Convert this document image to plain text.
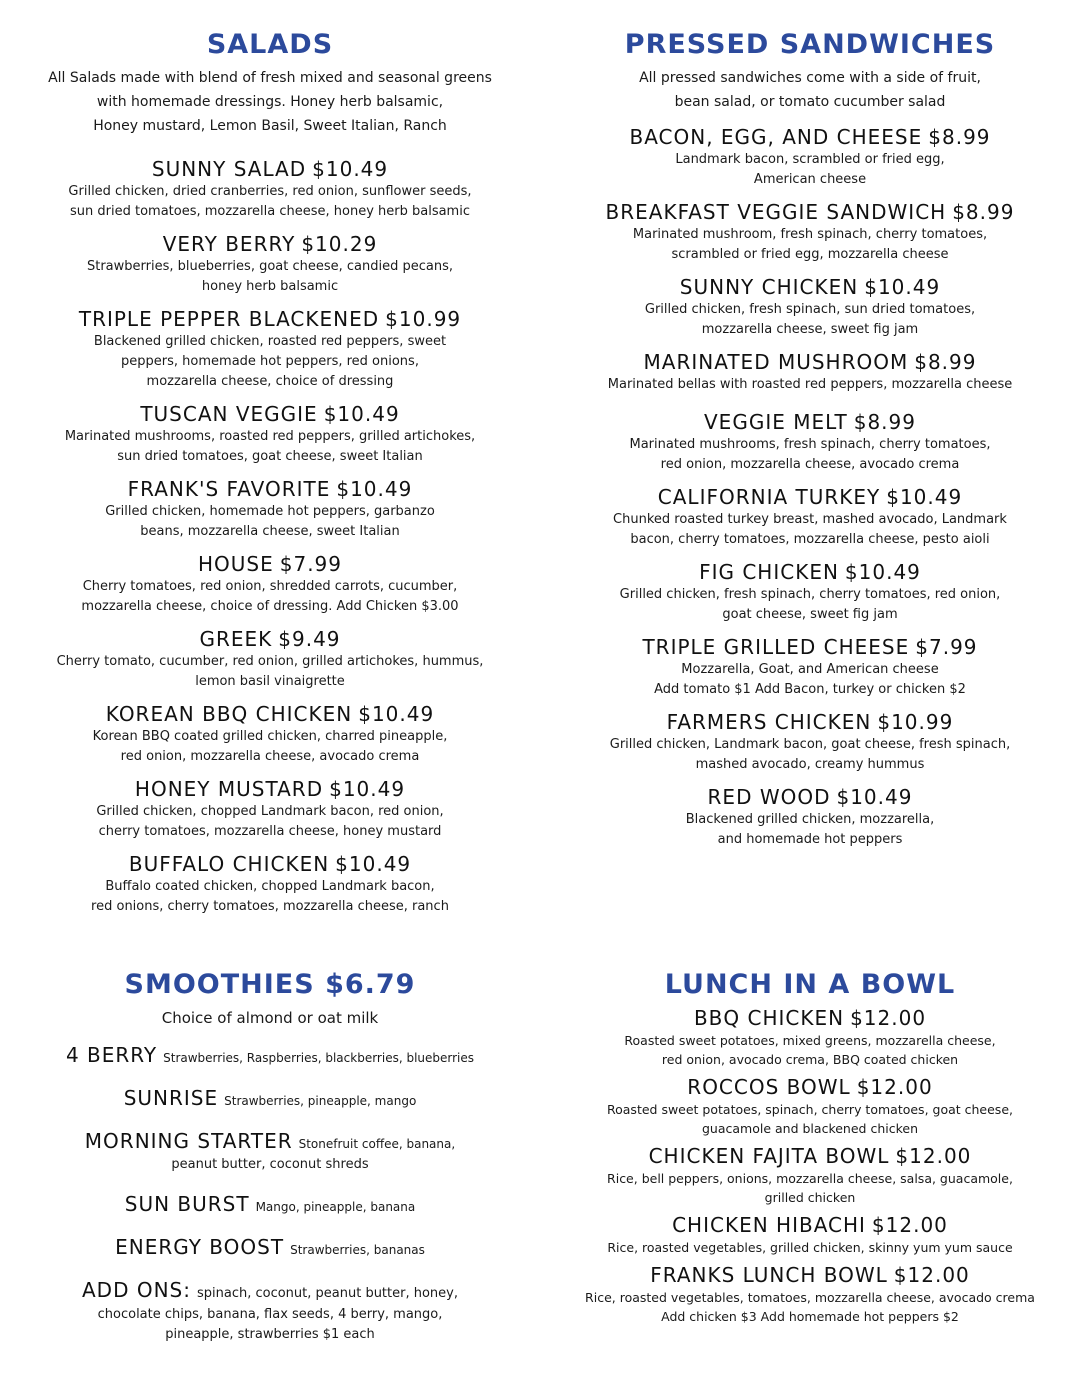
SALADS
All Salads made with blend of fresh mixed and seasonal greens
with homemade dressings. Honey herb balsamic,
Honey mustard, Lemon Basil, Sweet Italian, Ranch
SUNNY SALAD $10.49
Grilled chicken, dried cranberries, red onion, sunflower seeds,
sun dried tomatoes, mozzarella cheese, honey herb balsamic
VERY BERRY $10.29
Strawberries, blueberries, goat cheese, candied pecans,
honey herb balsamic
TRIPLE PEPPER BLACKENED $10.99
Blackened grilled chicken, roasted red peppers, sweet
peppers, homemade hot peppers, red onions,
mozzarella cheese, choice of dressing
TUSCAN VEGGIE $10.49
Marinated mushrooms, roasted red peppers, grilled artichokes,
sun dried tomatoes, goat cheese, sweet Italian
FRANK'S FAVORITE $10.49
Grilled chicken, homemade hot peppers, garbanzo
beans, mozzarella cheese, sweet Italian
HOUSE $7.99
Cherry tomatoes, red onion, shredded carrots, cucumber,
mozzarella cheese, choice of dressing. Add Chicken $3.00
GREEK $9.49
Cherry tomato, cucumber, red onion, grilled artichokes, hummus,
lemon basil vinaigrette
KOREAN BBQ CHICKEN $10.49
Korean BBQ coated grilled chicken, charred pineapple,
red onion, mozzarella cheese, avocado crema
HONEY MUSTARD $10.49
Grilled chicken, chopped Landmark bacon, red onion,
cherry tomatoes, mozzarella cheese, honey mustard
BUFFALO CHICKEN $10.49
Buffalo coated chicken, chopped Landmark bacon,
red onions, cherry tomatoes, mozzarella cheese, ranch
PRESSED SANDWICHES
All pressed sandwiches come with a side of fruit,
bean salad, or tomato cucumber salad
BACON, EGG, AND CHEESE $8.99
Landmark bacon, scrambled or fried egg,
American cheese
BREAKFAST VEGGIE SANDWICH $8.99
Marinated mushroom, fresh spinach, cherry tomatoes,
scrambled or fried egg, mozzarella cheese
SUNNY CHICKEN $10.49
Grilled chicken, fresh spinach, sun dried tomatoes,
mozzarella cheese, sweet fig jam
MARINATED MUSHROOM $8.99
Marinated bellas with roasted red peppers, mozzarella cheese
VEGGIE MELT $8.99
Marinated mushrooms, fresh spinach, cherry tomatoes,
red onion, mozzarella cheese, avocado crema
CALIFORNIA TURKEY $10.49
Chunked roasted turkey breast, mashed avocado, Landmark
bacon, cherry tomatoes, mozzarella cheese, pesto aioli
FIG CHICKEN $10.49
Grilled chicken, fresh spinach, cherry tomatoes, red onion,
goat cheese, sweet fig jam
TRIPLE GRILLED CHEESE $7.99
Mozzarella, Goat, and American cheese
Add tomato $1 Add Bacon, turkey or chicken $2
FARMERS CHICKEN $10.99
Grilled chicken, Landmark bacon, goat cheese, fresh spinach,
mashed avocado, creamy hummus
RED WOOD $10.49
Blackened grilled chicken, mozzarella,
and homemade hot peppers
SMOOTHIES $6.79
Choice of almond or oat milk
4 BERRY Strawberries, Raspberries, blackberries, blueberries
SUNRISE Strawberries, pineapple, mango
MORNING STARTER Stonefruit coffee, banana,
peanut butter, coconut shreds
SUN BURST Mango, pineapple, banana
ENERGY BOOST Strawberries, bananas
ADD ONS: spinach, coconut, peanut butter, honey,
chocolate chips, banana, flax seeds, 4 berry, mango,
pineapple, strawberries $1 each
LUNCH IN A BOWL
BBQ CHICKEN $12.00
Roasted sweet potatoes, mixed greens, mozzarella cheese,
red onion, avocado crema, BBQ coated chicken
ROCCOS BOWL $12.00
Roasted sweet potatoes, spinach, cherry tomatoes, goat cheese,
guacamole and blackened chicken
CHICKEN FAJITA BOWL $12.00
Rice, bell peppers, onions, mozzarella cheese, salsa, guacamole,
grilled chicken
CHICKEN HIBACHI $12.00
Rice, roasted vegetables, grilled chicken, skinny yum yum sauce
FRANKS LUNCH BOWL $12.00
Rice, roasted vegetables, tomatoes, mozzarella cheese, avocado crema
Add chicken $3 Add homemade hot peppers $2
